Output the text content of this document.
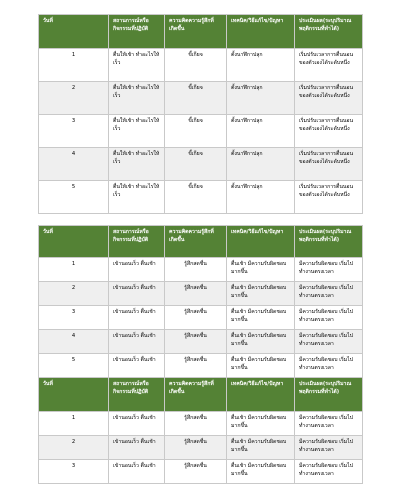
วันที่	สถานการณ์หรือกิจกรรมที่ปฏิบัติ	ความคิดความรู้สึกที่เกิดขึ้น	เทคนิค/วิธีแก้ไข/ปัญหา	ประเมินผล(ระบุปริมาณพฤติกรรมที่ทำได้)
1	ตื่นให้เช้า ทำอะไรให้เร็ว	ขี้เกียจ	ตั้งนาฬิกาปลุก	เริ่มปรับเวลาการตื่นนอนของตัวเองได้ระดับหนึ่ง
2	ตื่นให้เช้า ทำอะไรให้เร็ว	ขี้เกียจ	ตั้งนาฬิกาปลุก	เริ่มปรับเวลาการตื่นนอนของตัวเองได้ระดับหนึ่ง
3	ตื่นให้เช้า ทำอะไรให้เร็ว	ขี้เกียจ	ตั้งนาฬิกาปลุก	เริ่มปรับเวลาการตื่นนอนของตัวเองได้ระดับหนึ่ง
4	ตื่นให้เช้า ทำอะไรให้เร็ว	ขี้เกียจ	ตั้งนาฬิกาปลุก	เริ่มปรับเวลาการตื่นนอนของตัวเองได้ระดับหนึ่ง
5	ตื่นให้เช้า ทำอะไรให้เร็ว	ขี้เกียจ	ตั้งนาฬิกาปลุก	เริ่มปรับเวลาการตื่นนอนของตัวเองได้ระดับหนึ่ง
วันที่	สถานการณ์หรือกิจกรรมที่ปฏิบัติ	ความคิดความรู้สึกที่เกิดขึ้น	เทคนิค/วิธีแก้ไข/ปัญหา	ประเมินผล(ระบุปริมาณพฤติกรรมที่ทำได้)
1	เข้านอนเร็ว ตื่นเช้า	รู้สึกสดชื่น	ตื่นเช้า มีความรับผิดชอบมากขึ้น	มีความรับผิดชอบ เริ่มไปทำงานตรงเวลา
2	เข้านอนเร็ว ตื่นเช้า	รู้สึกสดชื่น	ตื่นเช้า มีความรับผิดชอบมากขึ้น	มีความรับผิดชอบ เริ่มไปทำงานตรงเวลา
3	เข้านอนเร็ว ตื่นเช้า	รู้สึกสดชื่น	ตื่นเช้า มีความรับผิดชอบมากขึ้น	มีความรับผิดชอบ เริ่มไปทำงานตรงเวลา
4	เข้านอนเร็ว ตื่นเช้า	รู้สึกสดชื่น	ตื่นเช้า มีความรับผิดชอบมากขึ้น	มีความรับผิดชอบ เริ่มไปทำงานตรงเวลา
5	เข้านอนเร็ว ตื่นเช้า	รู้สึกสดชื่น	ตื่นเช้า มีความรับผิดชอบมากขึ้น	มีความรับผิดชอบ เริ่มไปทำงานตรงเวลา
วันที่	สถานการณ์หรือกิจกรรมที่ปฏิบัติ	ความคิดความรู้สึกที่เกิดขึ้น	เทคนิค/วิธีแก้ไข/ปัญหา	ประเมินผล(ระบุปริมาณพฤติกรรมที่ทำได้)
1	เข้านอนเร็ว ตื่นเช้า	รู้สึกสดชื่น	ตื่นเช้า มีความรับผิดชอบมากขึ้น	มีความรับผิดชอบ เริ่มไปทำงานตรงเวลา
2	เข้านอนเร็ว ตื่นเช้า	รู้สึกสดชื่น	ตื่นเช้า มีความรับผิดชอบมากขึ้น	มีความรับผิดชอบ เริ่มไปทำงานตรงเวลา
3	เข้านอนเร็ว ตื่นเช้า	รู้สึกสดชื่น	ตื่นเช้า มีความรับผิดชอบมากขึ้น	มีความรับผิดชอบ เริ่มไปทำงานตรงเวลา
